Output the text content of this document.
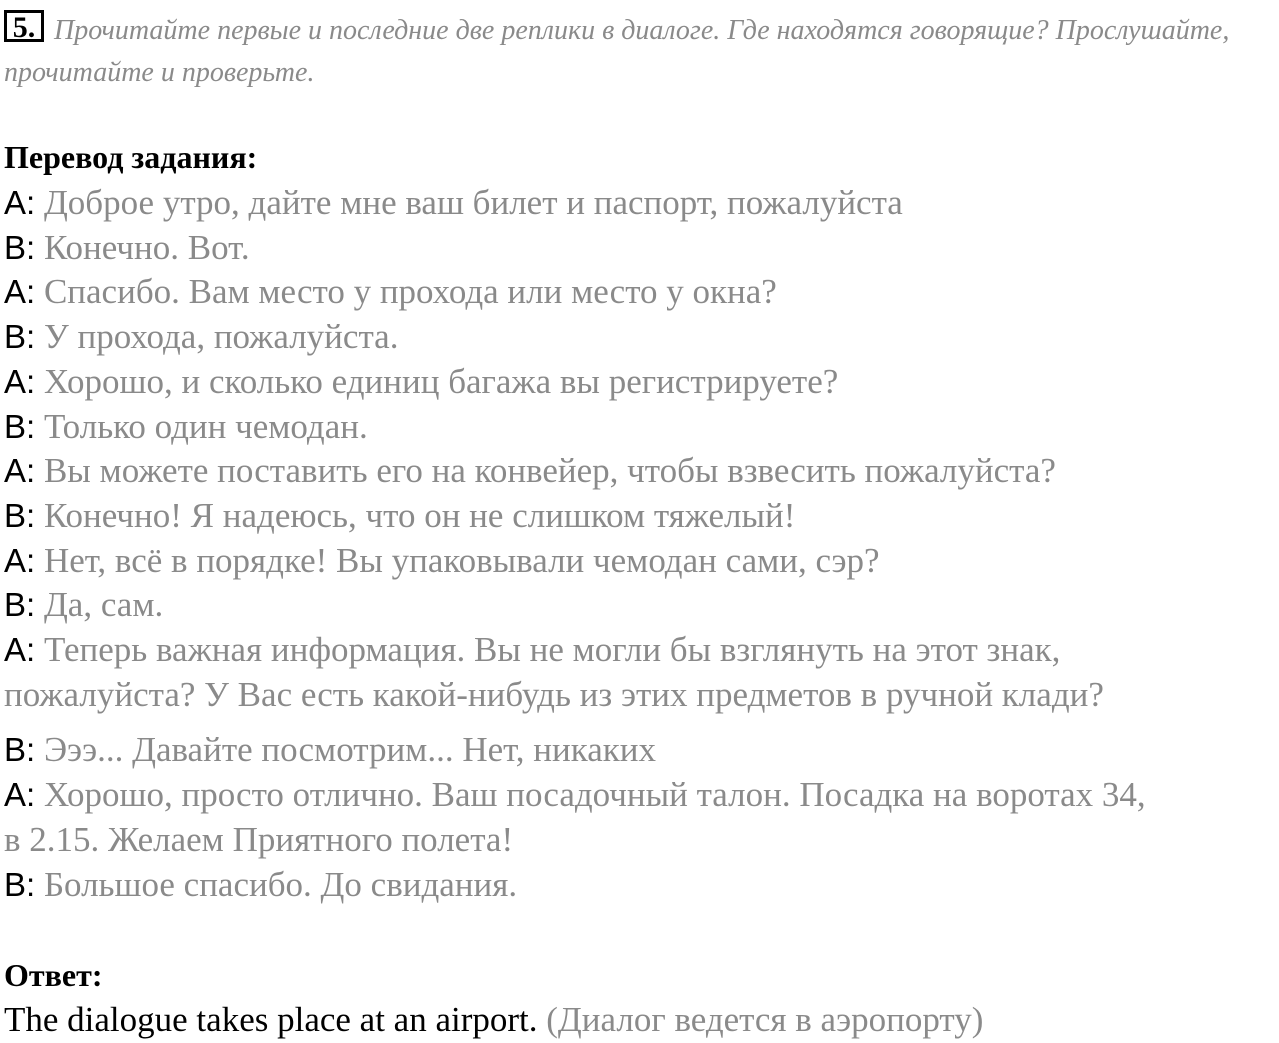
5. Прочитайте первые и последние две реплики в диалоге. Где находятся говорящие? Прослушайте, прочитайте и проверьте.
Перевод задания:
A: Доброе утро, дайте мне ваш билет и паспорт, пожалуйста
B: Конечно. Вот.
A: Спасибо. Вам место у прохода или место у окна?
B: У прохода, пожалуйста.
A: Хорошо, и сколько единиц багажа вы регистрируете?
B: Только один чемодан.
A: Вы можете поставить его на конвейер, чтобы взвесить пожалуйста?
B: Конечно! Я надеюсь, что он не слишком тяжелый!
A: Нет, всё в порядке! Вы упаковывали чемодан сами, сэр?
B: Да, сам.
A: Теперь важная информация. Вы не могли бы взглянуть на этот знак,
пожалуйста? У Вас есть какой-нибудь из этих предметов в ручной клади?
B: Эээ... Давайте посмотрим... Нет, никаких
A: Хорошо, просто отлично. Ваш посадочный талон. Посадка на воротах 34,
в 2.15. Желаем Приятного полета!
B: Большое спасибо. До свидания.
Ответ:
The dialogue takes place at an airport. (Диалог ведется в аэропорту)
